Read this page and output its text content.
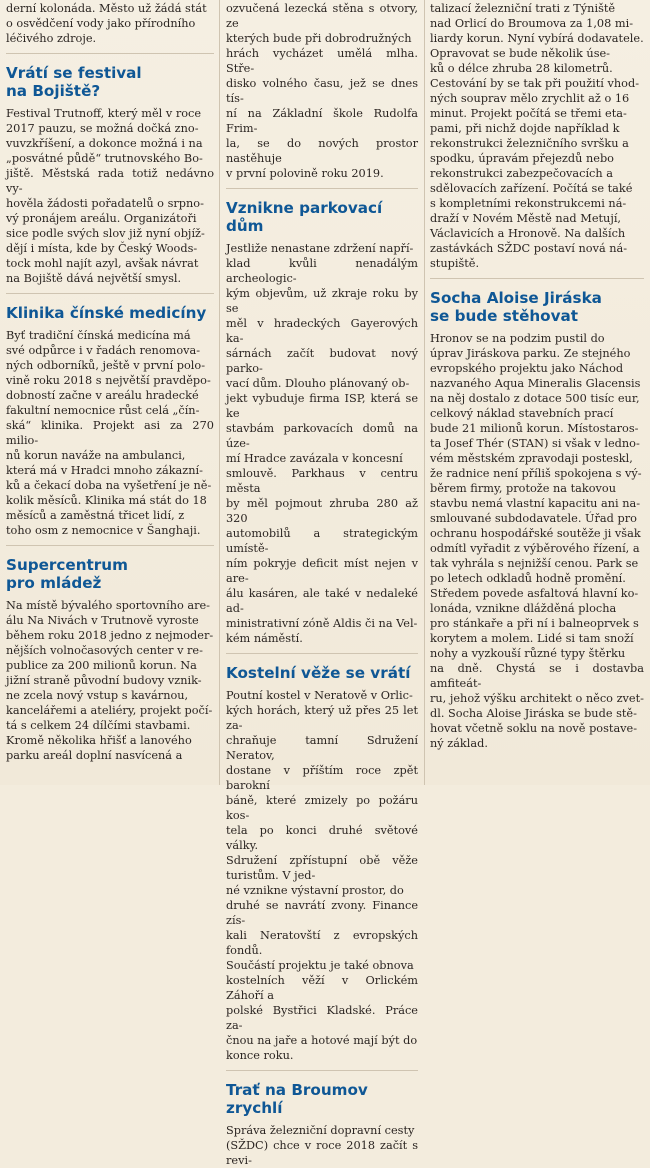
derní kolonáda. Město už žádá stát
o osvědčení vody jako přírodního
léčivého zdroje.

Vrátí se festival
na Bojiště?

Festival Trutnoff, který měl v roce
2017 pauzu, se možná dočká zno-
vuvzkříšení, a dokonce možná i na
„posvátné půdě“ trutnovského Bo-
jiště. Městská rada totiž nedávno vy-
hověla žádosti pořadatelů o srpno-
vý pronájem areálu. Organizátoři
sice podle svých slov již nyní objíž-
dějí i místa, kde by Český Woods-
tock mohl najít azyl, avšak návrat
na Bojiště dává největší smysl.

Klinika čínské medicíny

Byť tradiční čínská medicína má
své odpůrce i v řadách renomova-
ných odborníků, ještě v první polo-
vině roku 2018 s největší pravděpo-
dobností začne v areálu hradecké
fakultní nemocnice růst celá „čín-
ská“ klinika. Projekt asi za 270 milio-
nů korun naváže na ambulanci,
která má v Hradci mnoho zákazní-
ků a čekací doba na vyšetření je ně-
kolik měsíců. Klinika má stát do 18
měsíců a zaměstná třicet lidí, z
toho osm z nemocnice v Šanghaji.

Supercentrum
pro mládež

Na místě bývalého sportovního are-
álu Na Nivách v Trutnově vyroste
během roku 2018 jedno z nejmoder-
nějších volnočasových center v re-
publice za 200 milionů korun. Na
jižní straně původní budovy vznik-
ne zcela nový vstup s kavárnou,
kancelářemi a ateliéry, projekt počí-
tá s celkem 24 dílčími stavbami.
Kromě několika hřišť a lanového
parku areál doplní nasvícená a

ozvučená lezecká stěna s otvory, ze
kterých bude při dobrodružných
hrách vycházet umělá mlha. Stře-
disko volného času, jež se dnes tís-
ní na Základní škole Rudolfa Frim-
la, se do nových prostor nastěhuje
v první polovině roku 2019.

Vznikne parkovací dům

Jestliže nenastane zdržení napří-
klad kvůli nenadálým archeologic-
kým objevům, už zkraje roku by se
měl v hradeckých Gayerových ka-
sárnách začít budovat nový parko-
vací dům. Dlouho plánovaný ob-
jekt vybuduje firma ISP, která se ke
stavbám parkovacích domů na úze-
mí Hradce zavázala v koncesní
smlouvě. Parkhaus v centru města
by měl pojmout zhruba 280 až 320
automobilů a strategickým umístě-
ním pokryje deficit míst nejen v are-
álu kasáren, ale také v nedaleké ad-
ministrativní zóně Aldis či na Vel-
kém náměstí.

Kostelní věže se vrátí

Poutní kostel v Neratově v Orlic-
kých horách, který už přes 25 let za-
chraňuje tamní Sdružení Neratov,
dostane v příštím roce zpět barokní
báně, které zmizely po požáru kos-
tela po konci druhé světové války.
Sdružení zpřístupní obě věže turistům. V jed-
né vznikne výstavní prostor, do
druhé se navrátí zvony. Finance zís-
kali Neratovští z evropských fondů.
Součástí projektu je také obnova
kostelních věží v Orlickém Záhoří a
polské Bystřici Kladské. Práce za-
čnou na jaře a hotové mají být do
konce roku.

Trať na Broumov zrychlí

Správa železniční dopravní cesty
(SŽDC) chce v roce 2018 začít s revi-

talizací železniční trati z Týniště
nad Orlicí do Broumova za 1,08 mi-
liardy korun. Nyní vybírá dodavatele.
Opravovat se bude několik úse-
ků o délce zhruba 28 kilometrů.
Cestování by se tak při použití vhod-
ných souprav mělo zrychlit až o 16
minut. Projekt počítá se třemi eta-
pami, při nichž dojde například k
rekonstrukci železničního svršku a
spodku, úpravám přejezdů nebo
rekonstrukci zabezpečovacích a
sdělovacích zařízení. Počítá se také
s kompletními rekonstrukcemi ná-
draží v Novém Městě nad Metují,
Václavicích a Hronově. Na dalších
zastávkách SŽDC postaví nová ná-
stupiště.

Socha Aloise Jiráska
se bude stěhovat

Hronov se na podzim pustil do
úprav Jiráskova parku. Ze stejného
evropského projektu jako Náchod
nazvaného Aqua Mineralis Glacensis
na něj dostalo z dotace 500 tisíc eur,
celkový náklad stavebních prací
bude 21 milionů korun. Místostaros-
ta Josef Thér (STAN) si však v ledno-
vém městském zpravodaji posteskl,
že radnice není příliš spokojena s vý-
běrem firmy, protože na takovou
stavbu nemá vlastní kapacitu ani na-
smlouvané subdodavatele. Úřad pro
ochranu hospodářské soutěže ji však
odmítl vyřadit z výběrového řízení, a
tak vyhrála s nejnižší cenou. Park se
po letech odkladů hodně promění.
Středem povede asfaltová hlavní ko-
lonáda, vznikne dlážděná plocha
pro stánkaře a při ní i balneoprvek s
korytem a molem. Lidé si tam snoží
nohy a vyzkouší různé typy štěrku
na dně. Chystá se i dostavba amfiteát-
ru, jehož výšku architekt o něco zvet-
dl. Socha Aloise Jiráska se bude stě-
hovat včetně soklu na nově postave-
ný základ.
